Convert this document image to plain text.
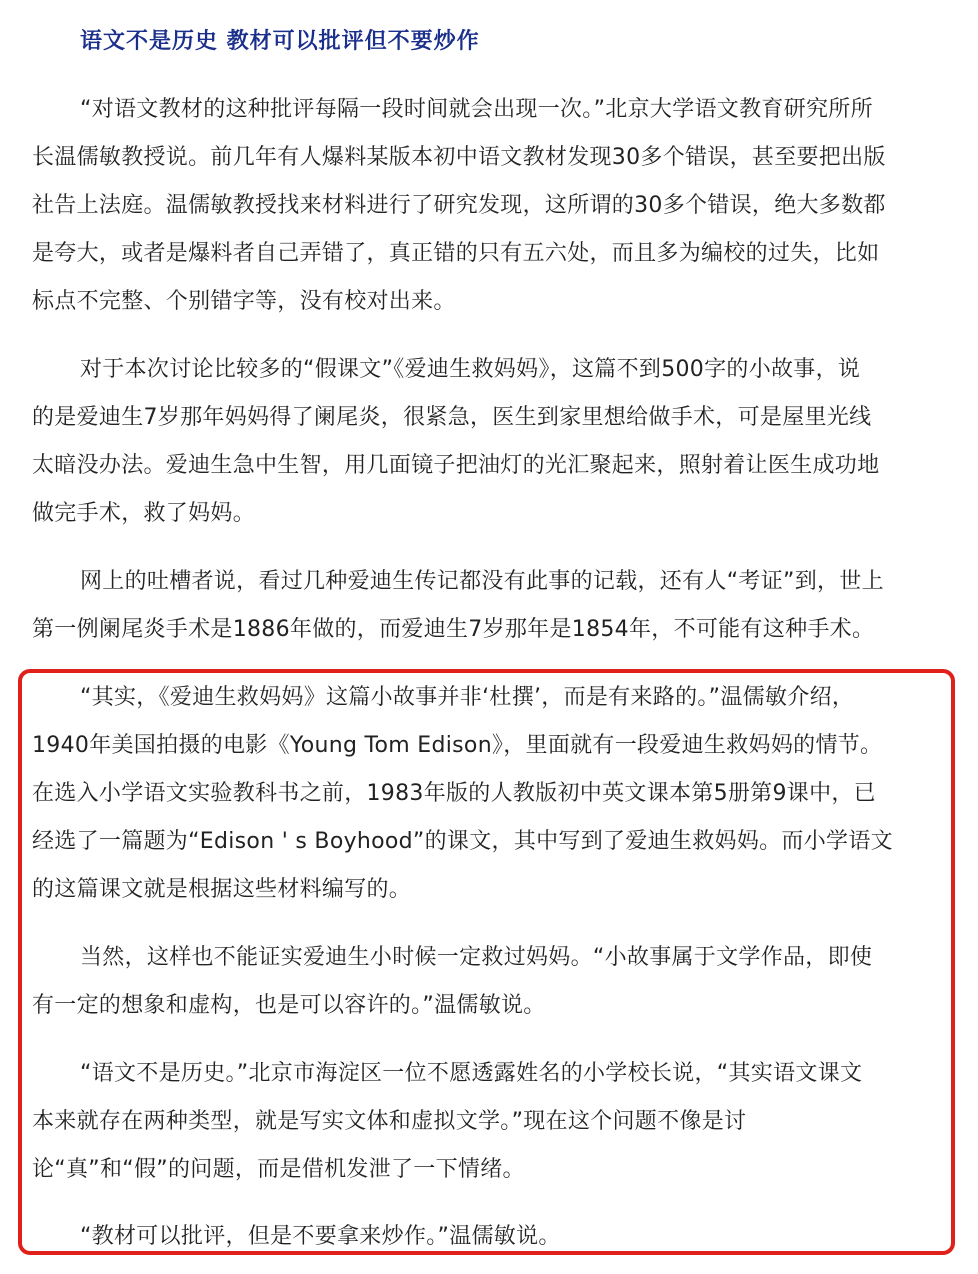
语文不是历史 教材可以批评但不要炒作
“对语文教材的这种批评每隔一段时间就会出现一次。”北京大学语文教育研究所所
长温儒敏教授说。前几年有人爆料某版本初中语文教材发现30多个错误，甚至要把出版
社告上法庭。温儒敏教授找来材料进行了研究发现，这所谓的30多个错误，绝大多数都
是夸大，或者是爆料者自己弄错了，真正错的只有五六处，而且多为编校的过失，比如
标点不完整、个别错字等，没有校对出来。
对于本次讨论比较多的“假课文”《爱迪生救妈妈》，这篇不到500字的小故事，说
的是爱迪生7岁那年妈妈得了阑尾炎，很紧急，医生到家里想给做手术，可是屋里光线
太暗没办法。爱迪生急中生智，用几面镜子把油灯的光汇聚起来，照射着让医生成功地
做完手术，救了妈妈。
网上的吐槽者说，看过几种爱迪生传记都没有此事的记载，还有人“考证”到，世上
第一例阑尾炎手术是1886年做的，而爱迪生7岁那年是1854年，不可能有这种手术。
“其实，《爱迪生救妈妈》这篇小故事并非‘杜撰’，而是有来路的。”温儒敏介绍，
1940年美国拍摄的电影《Young Tom Edison》，里面就有一段爱迪生救妈妈的情节。
在选入小学语文实验教科书之前，1983年版的人教版初中英文课本第5册第9课中，已
经选了一篇题为“Edison ' s Boyhood”的课文，其中写到了爱迪生救妈妈。而小学语文
的这篇课文就是根据这些材料编写的。
当然，这样也不能证实爱迪生小时候一定救过妈妈。“小故事属于文学作品，即使
有一定的想象和虚构，也是可以容许的。”温儒敏说。
“语文不是历史。”北京市海淀区一位不愿透露姓名的小学校长说，“其实语文课文
本来就存在两种类型，就是写实文体和虚拟文学。”现在这个问题不像是讨
论“真”和“假”的问题，而是借机发泄了一下情绪。
“教材可以批评，但是不要拿来炒作。”温儒敏说。
